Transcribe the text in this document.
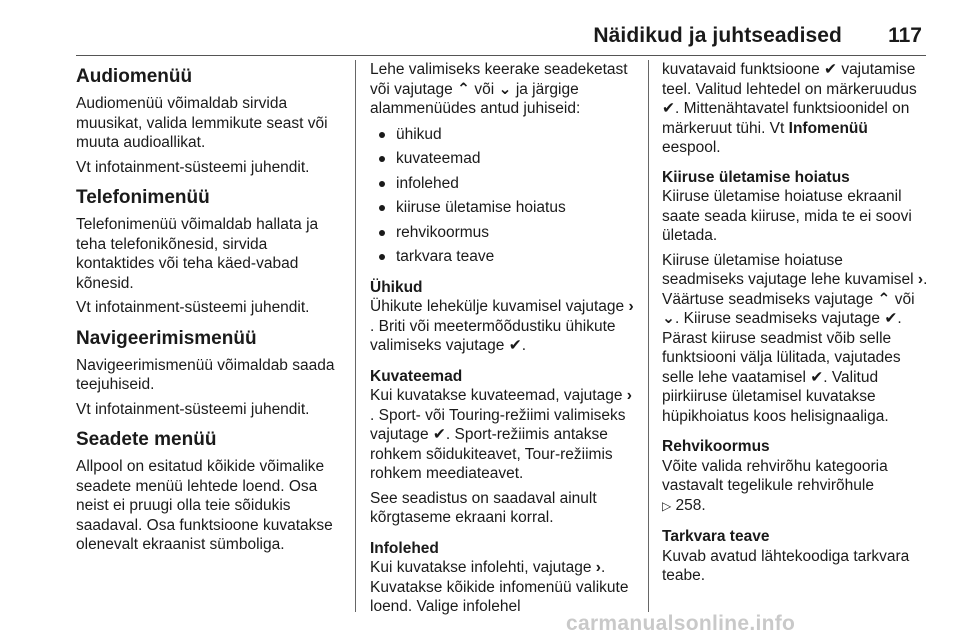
Näidikud ja juhtseadised 117
Audiomenüü

Audiomenüü võimaldab sirvida muusikat, valida lemmikute seast või muuta audioallikat.

Vt infotainment-süsteemi juhendit.

Telefonimenüü

Telefonimenüü võimaldab hallata ja teha telefonikõnesid, sirvida kontaktides või teha käed-vabad kõnesid.

Vt infotainment-süsteemi juhendit.

Navigeerimismenüü

Navigeerimismenüü võimaldab saada teejuhiseid.

Vt infotainment-süsteemi juhendit.

Seadete menüü

Allpool on esitatud kõikide võimalike seadete menüü lehtede loend. Osa neist ei pruugi olla teie sõidukis saadaval. Osa funktsioone kuvatakse olenevalt ekraanist sümboliga.

Lehe valimiseks keerake seadeketast või vajutage ⌃ või ⌄ ja järgige alammenüüdes antud juhiseid:

ühikud
kuvateemad
infolehed
kiiruse ületamise hoiatus
rehvikoormus
tarkvara teave
Ühikud

Ühikute lehekülje kuvamisel vajutage ›. Briti või meetermõõdustiku ühikute valimiseks vajutage ✔.

Kuvateemad

Kui kuvatakse kuvateemad, vajutage ›. Sport- või Touring-režiimi valimiseks vajutage ✔. Sport-režiimis antakse rohkem sõidukiteavet, Tour-režiimis rohkem meediateavet.

See seadistus on saadaval ainult kõrgtaseme ekraani korral.

Infolehed

Kui kuvatakse infolehti, vajutage ›. Kuvatakse kõikide infomenüü valikute loend. Valige infolehel

kuvatavaid funktsioone ✔ vajutamise teel. Valitud lehtedel on märkeruudus ✔. Mittenähtavatel funktsioonidel on märkeruut tühi. Vt Infomenüü eespool.

Kiiruse ületamise hoiatus

Kiiruse ületamise hoiatuse ekraanil saate seada kiiruse, mida te ei soovi ületada.

Kiiruse ületamise hoiatuse seadmiseks vajutage lehe kuvamisel ›. Väärtuse seadmiseks vajutage ⌃ või ⌄. Kiiruse seadmiseks vajutage ✔. Pärast kiiruse seadmist võib selle funktsiooni välja lülitada, vajutades selle lehe vaatamisel ✔. Valitud piirkiiruse ületamisel kuvatakse hüpikhoiatus koos helisignaaliga.

Rehvikoormus

Võite valida rehvirõhu kategooria vastavalt tegelikule rehvirõhule
▷ 258.

Tarkvara teave

Kuvab avatud lähtekoodiga tarkvara teabe.

carmanualsonline.info
